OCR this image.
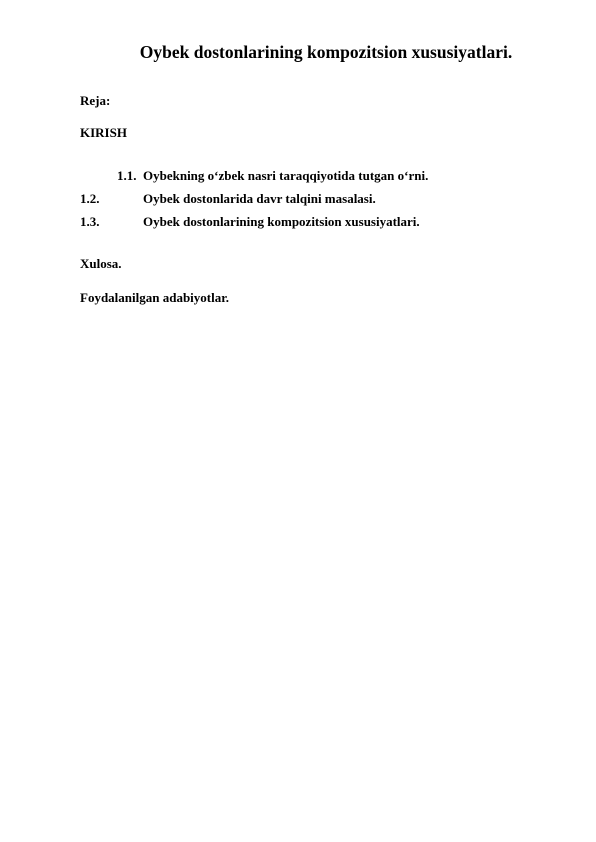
Oybek dostonlarining kompozitsion xususiyatlari.
Reja:
KIRISH
1.1. Oybekning o‘zbek nasri taraqqiyotida tutgan o‘rni.
1.2.	Oybek dostonlarida davr talqini masalasi.
1.3.	Oybek dostonlarining kompozitsion xususiyatlari.
Xulosa.
Foydalanilgan adabiyotlar.
